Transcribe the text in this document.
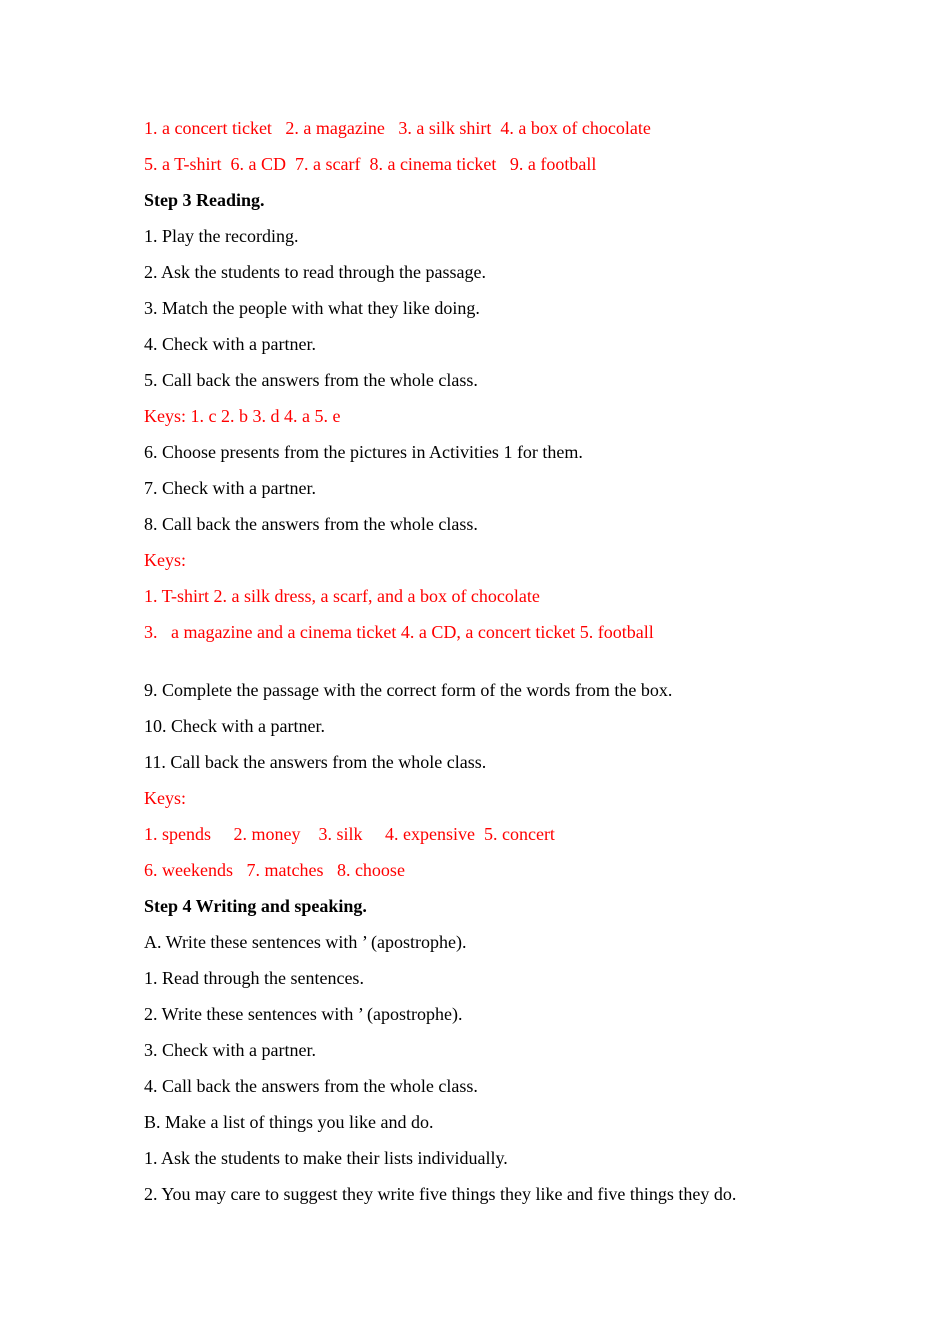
1. a concert ticket   2. a magazine   3. a silk shirt  4. a box of chocolate
5. a T-shirt  6. a CD  7. a scarf  8. a cinema ticket   9. a football
Step 3 Reading.
1. Play the recording.
2. Ask the students to read through the passage.
3. Match the people with what they like doing.
4. Check with a partner.
5. Call back the answers from the whole class.
Keys: 1. c 2. b 3. d 4. a 5. e
6. Choose presents from the pictures in Activities 1 for them.
7. Check with a partner.
8. Call back the answers from the whole class.
Keys:
1. T-shirt 2. a silk dress, a scarf, and a box of chocolate
3.   a magazine and a cinema ticket 4. a CD, a concert ticket 5. football
9. Complete the passage with the correct form of the words from the box.
10. Check with a partner.
11. Call back the answers from the whole class.
Keys:
1. spends     2. money    3. silk     4. expensive  5. concert
6. weekends   7. matches   8. choose
Step 4 Writing and speaking.
A. Write these sentences with ’ (apostrophe).
1. Read through the sentences.
2. Write these sentences with ’ (apostrophe).
3. Check with a partner.
4. Call back the answers from the whole class.
B. Make a list of things you like and do.
1. Ask the students to make their lists individually.
2. You may care to suggest they write five things they like and five things they do.
